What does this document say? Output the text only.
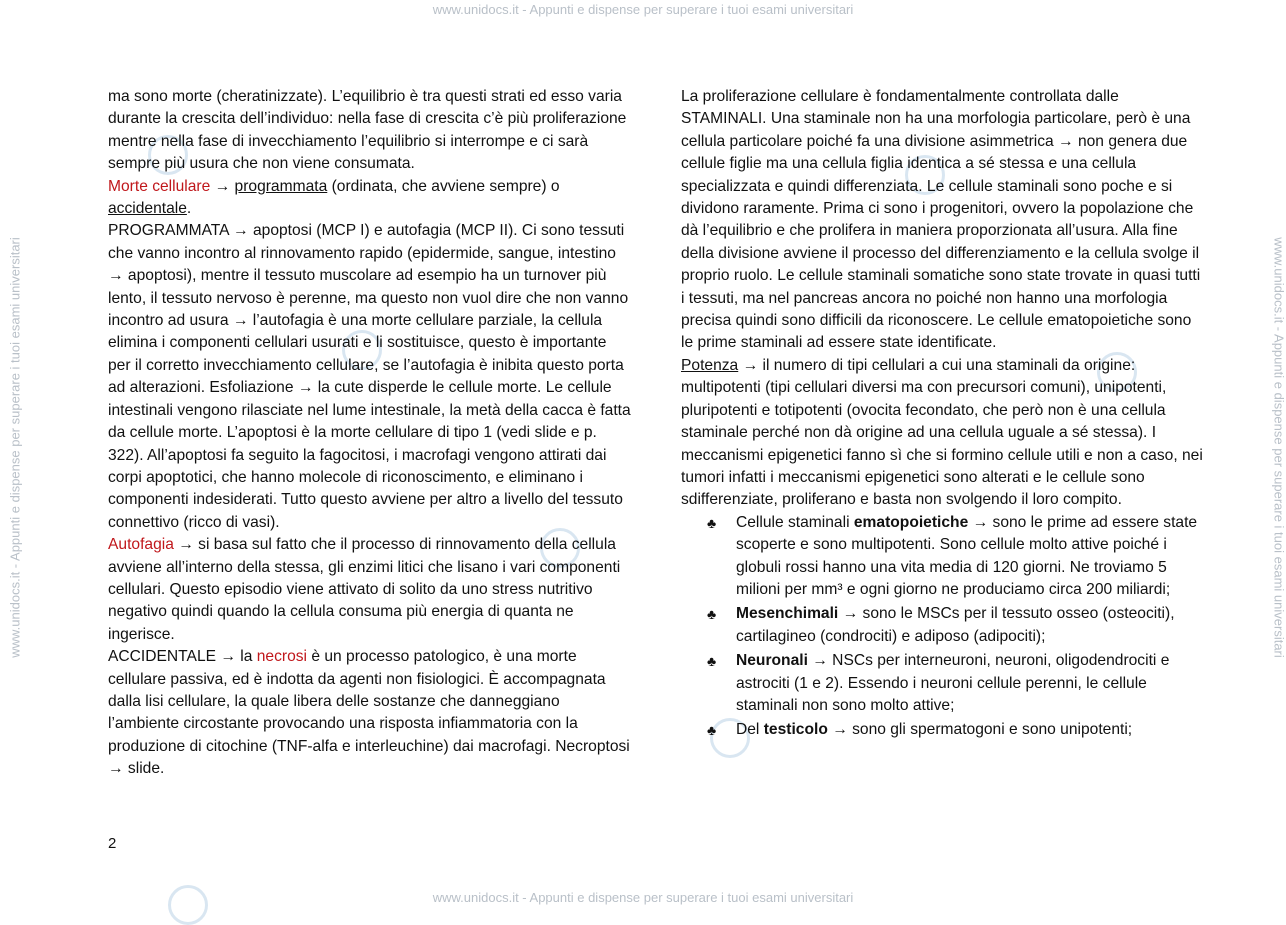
www.unidocs.it - Appunti e dispense per superare i tuoi esami universitari
www.unidocs.it - Appunti e dispense per superare i tuoi esami universitari
www.unidocs.it - Appunti e dispense per superare i tuoi esami universitari	www.unidocs.it - Appunti e dispense per superare i tuoi esami universitari

ma sono morte (cheratinizzate). L’equilibrio è tra questi strati ed esso varia durante la crescita dell’individuo: nella fase di crescita c’è più proliferazione mentre nella fase di invecchiamento l’equilibrio si interrompe e ci sarà sempre più usura che non viene consumata.

Morte cellulare → programmata (ordinata, che avviene sempre) o accidentale.

PROGRAMMATA → apoptosi (MCP I) e autofagia (MCP II). Ci sono tessuti che vanno incontro al rinnovamento rapido (epidermide, sangue, intestino → apoptosi), mentre il tessuto muscolare ad esempio ha un turnover più lento, il tessuto nervoso è perenne, ma questo non vuol dire che non vanno incontro ad usura → l’autofagia è una morte cellulare parziale, la cellula elimina i componenti cellulari usurati e li sostituisce, questo è importante per il corretto invecchiamento cellulare, se l’autofagia è inibita questo porta ad alterazioni. Esfoliazione → la cute disperde le cellule morte. Le cellule intestinali vengono rilasciate nel lume intestinale, la metà della cacca è fatta da cellule morte. L’apoptosi è la morte cellulare di tipo 1 (vedi slide e p. 322). All’apoptosi fa seguito la fagocitosi, i macrofagi vengono attirati dai corpi apoptotici, che hanno molecole di riconoscimento, e eliminano i componenti indesiderati. Tutto questo avviene per altro a livello del tessuto connettivo (ricco di vasi).

Autofagia → si basa sul fatto che il processo di rinnovamento della cellula avviene all’interno della stessa, gli enzimi litici che lisano i vari componenti cellulari. Questo episodio viene attivato di solito da uno stress nutritivo negativo quindi quando la cellula consuma più energia di quanta ne ingerisce.

ACCIDENTALE → la necrosi è un processo patologico, è una morte cellulare passiva, ed è indotta da agenti non fisiologici. È accompagnata dalla lisi cellulare, la quale libera delle sostanze che danneggiano l’ambiente circostante provocando una risposta infiammatoria con la produzione di citochine (TNF-alfa e interleuchine) dai macrofagi. Necroptosi → slide.

La proliferazione cellulare è fondamentalmente controllata dalle STAMINALI. Una staminale non ha una morfologia particolare, però è una cellula particolare poiché fa una divisione asimmetrica → non genera due cellule figlie ma una cellula figlia identica a sé stessa e una cellula specializzata e quindi differenziata. Le cellule staminali sono poche e si dividono raramente. Prima ci sono i progenitori, ovvero la popolazione che dà l’equilibrio e che prolifera in maniera proporzionata all’usura. Alla fine della divisione avviene il processo del differenziamento e la cellula svolge il proprio ruolo. Le cellule staminali somatiche sono state trovate in quasi tutti i tessuti, ma nel pancreas ancora no poiché non hanno una morfologia precisa quindi sono difficili da riconoscere. Le cellule ematopoietiche sono le prime staminali ad essere state identificate.

Potenza → il numero di tipi cellulari a cui una staminali da origine: multipotenti (tipi cellulari diversi ma con precursori comuni), unipotenti, pluripotenti e totipotenti (ovocita fecondato, che però non è una cellula staminale perché non dà origine ad una cellula uguale a sé stessa). I meccanismi epigenetici fanno sì che si formino cellule utili e non a caso, nei tumori infatti i meccanismi epigenetici sono alterati e le cellule sono sdifferenziate, proliferano e basta non svolgendo il loro compito.

♣ Cellule staminali ematopoietiche → sono le prime ad essere state scoperte e sono multipotenti. Sono cellule molto attive poiché i globuli rossi hanno una vita media di 120 giorni. Ne troviamo 5 milioni per mm³ e ogni giorno ne produciamo circa 200 miliardi;
♣ Mesenchimali → sono le MSCs per il tessuto osseo (osteociti), cartilagineo (condrociti) e adiposo (adipociti);
♣ Neuronali → NSCs per interneuroni, neuroni, oligodendrociti e astrociti (1 e 2). Essendo i neuroni cellule perenni, le cellule staminali non sono molto attive;
♣ Del testicolo → sono gli spermatogoni e sono unipotenti;
2
